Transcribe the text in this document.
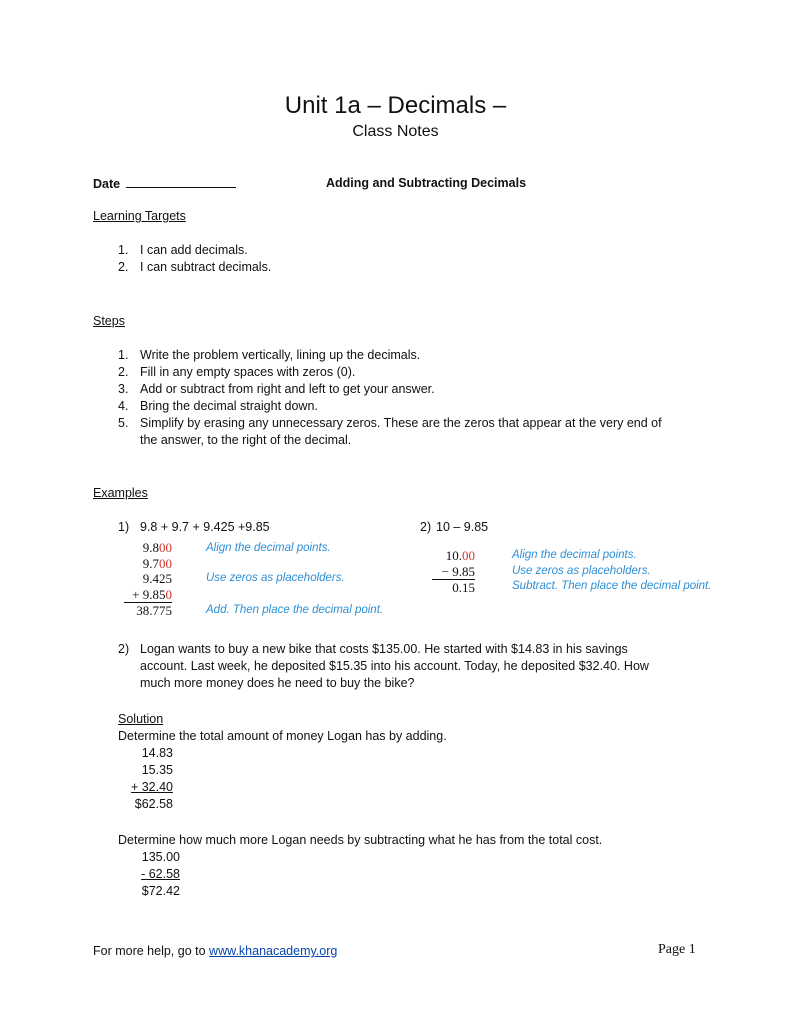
Unit 1a – Decimals –
Class Notes
Date	Adding and Subtracting Decimals
Learning Targets
1. I can add decimals.
2. I can subtract decimals.
Steps
1. Write the problem vertically, lining up the decimals.
2. Fill in any empty spaces with zeros (0).
3. Add or subtract from right and left to get your answer.
4. Bring the decimal straight down.
5. Simplify by erasing any unnecessary zeros. These are the zeros that appear at the very end of
the answer, to the right of the decimal.
Examples
1) 9.8 + 9.7 + 9.425 +9.85
9.800
9.700
9.425
+ 9.850
38.775
Align the decimal points.
Use zeros as placeholders.
Add. Then place the decimal point.
2) 10 – 9.85
10.00
− 9.85
0.15
Align the decimal points.
Use zeros as placeholders.
Subtract. Then place the decimal point.
2) Logan wants to buy a new bike that costs $135.00. He started with $14.83 in his savings
account. Last week, he deposited $15.35 into his account. Today, he deposited $32.40. How
much more money does he need to buy the bike?
Solution
Determine the total amount of money Logan has by adding.
14.83
15.35
+ 32.40
$62.58
Determine how much more Logan needs by subtracting what he has from the total cost.
135.00
- 62.58
$72.42
For more help, go to www.khanacademy.org	Page 1
